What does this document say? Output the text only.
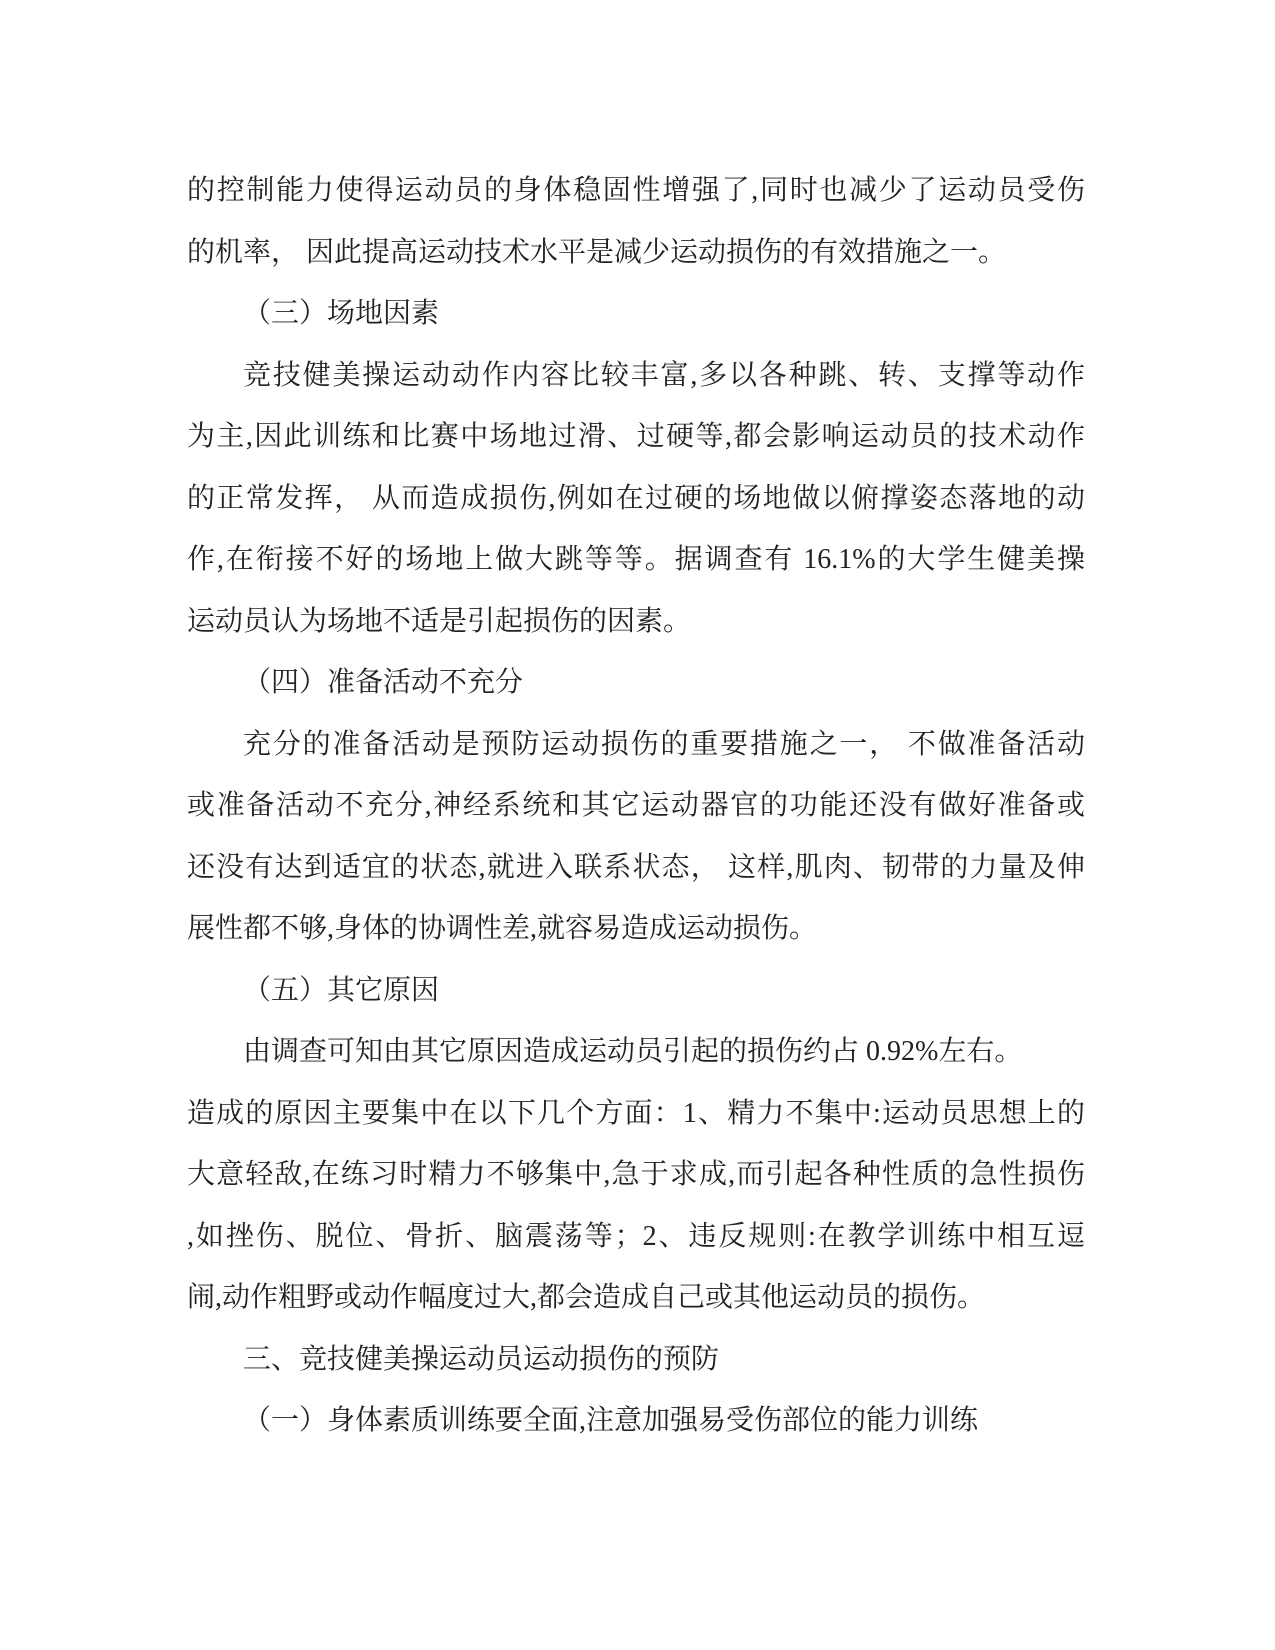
的控制能力使得运动员的身体稳固性增强了,同时也减少了运动员受伤
的机率， 因此提高运动技术水平是减少运动损伤的有效措施之一。
（三）场地因素
竞技健美操运动动作内容比较丰富,多以各种跳、转、支撑等动作
为主,因此训练和比赛中场地过滑、过硬等,都会影响运动员的技术动作
的正常发挥， 从而造成损伤,例如在过硬的场地做以俯撑姿态落地的动
作,在衔接不好的场地上做大跳等等。据调查有 16.1%的大学生健美操
运动员认为场地不适是引起损伤的因素。
（四）准备活动不充分
充分的准备活动是预防运动损伤的重要措施之一， 不做准备活动
或准备活动不充分,神经系统和其它运动器官的功能还没有做好准备或
还没有达到适宜的状态,就进入联系状态， 这样,肌肉、韧带的力量及伸
展性都不够,身体的协调性差,就容易造成运动损伤。
（五）其它原因
由调查可知由其它原因造成运动员引起的损伤约占 0.92%左右。
造成的原因主要集中在以下几个方面：1、精力不集中:运动员思想上的
大意轻敌,在练习时精力不够集中,急于求成,而引起各种性质的急性损伤
,如挫伤、脱位、骨折、脑震荡等；2、违反规则:在教学训练中相互逗
闹,动作粗野或动作幅度过大,都会造成自己或其他运动员的损伤。
三、竞技健美操运动员运动损伤的预防
（一）身体素质训练要全面,注意加强易受伤部位的能力训练
